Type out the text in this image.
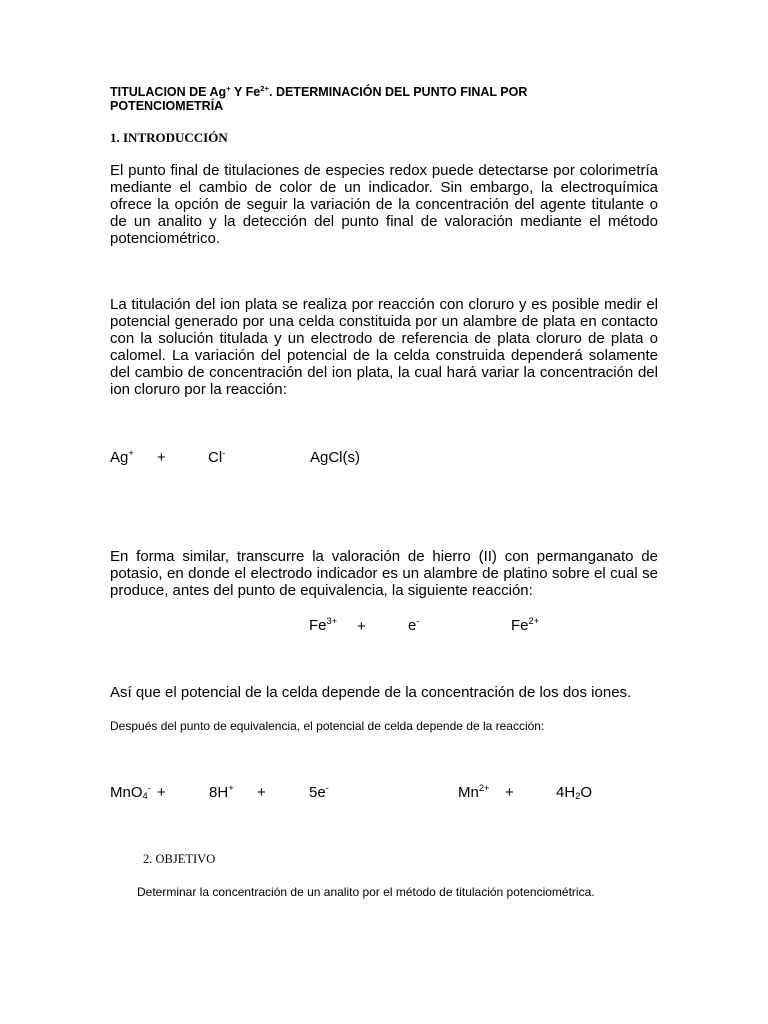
TITULACION DE Ag+ Y $Fe^{2+}$. DETERMINACIÓN DEL PUNTO FINAL POR
POTENCIOMETRÍA
1. INTRODUCCIÓN
El punto final de titulaciones de especies redox puede detectarse por colorimetría mediante el cambio de color de un indicador. Sin embargo, la electroquímica ofrece la opción de seguir la variación de la concentración del agente titulante o de un analito y la detección del punto final de valoración mediante el método potenciométrico.
La titulación del ion plata se realiza por reacción con cloruro y es posible medir el potencial generado por una celda constituida por un alambre de plata en contacto con la solución titulada y un electrodo de referencia de plata cloruro de plata o calomel. La variación del potencial de la celda construida dependerá solamente del cambio de concentración del ion plata, la cual hará variar la concentración del ion cloruro por la reacción:
Ag+ +	Cl-	AgCl(s)
En forma similar, transcurre la valoración de hierro (II) con permanganato de potasio, en donde el electrodo indicador es un alambre de platino sobre el cual se produce, antes del punto de equivalencia, la siguiente reacción:
$Fe^{3+}$ +	e-	$Fe^{2+}$
Así que el potencial de la celda depende de la concentración de los dos iones.
Después del punto de equivalencia, el potencial de celda depende de la reacción:
MnO$_4$- +	8H+ +	5e-	$Mn^{2+}$ +	$4H_2O$
2. OBJETIVO
Determinar la concentración de un analito por el método de titulación potenciométrica.
